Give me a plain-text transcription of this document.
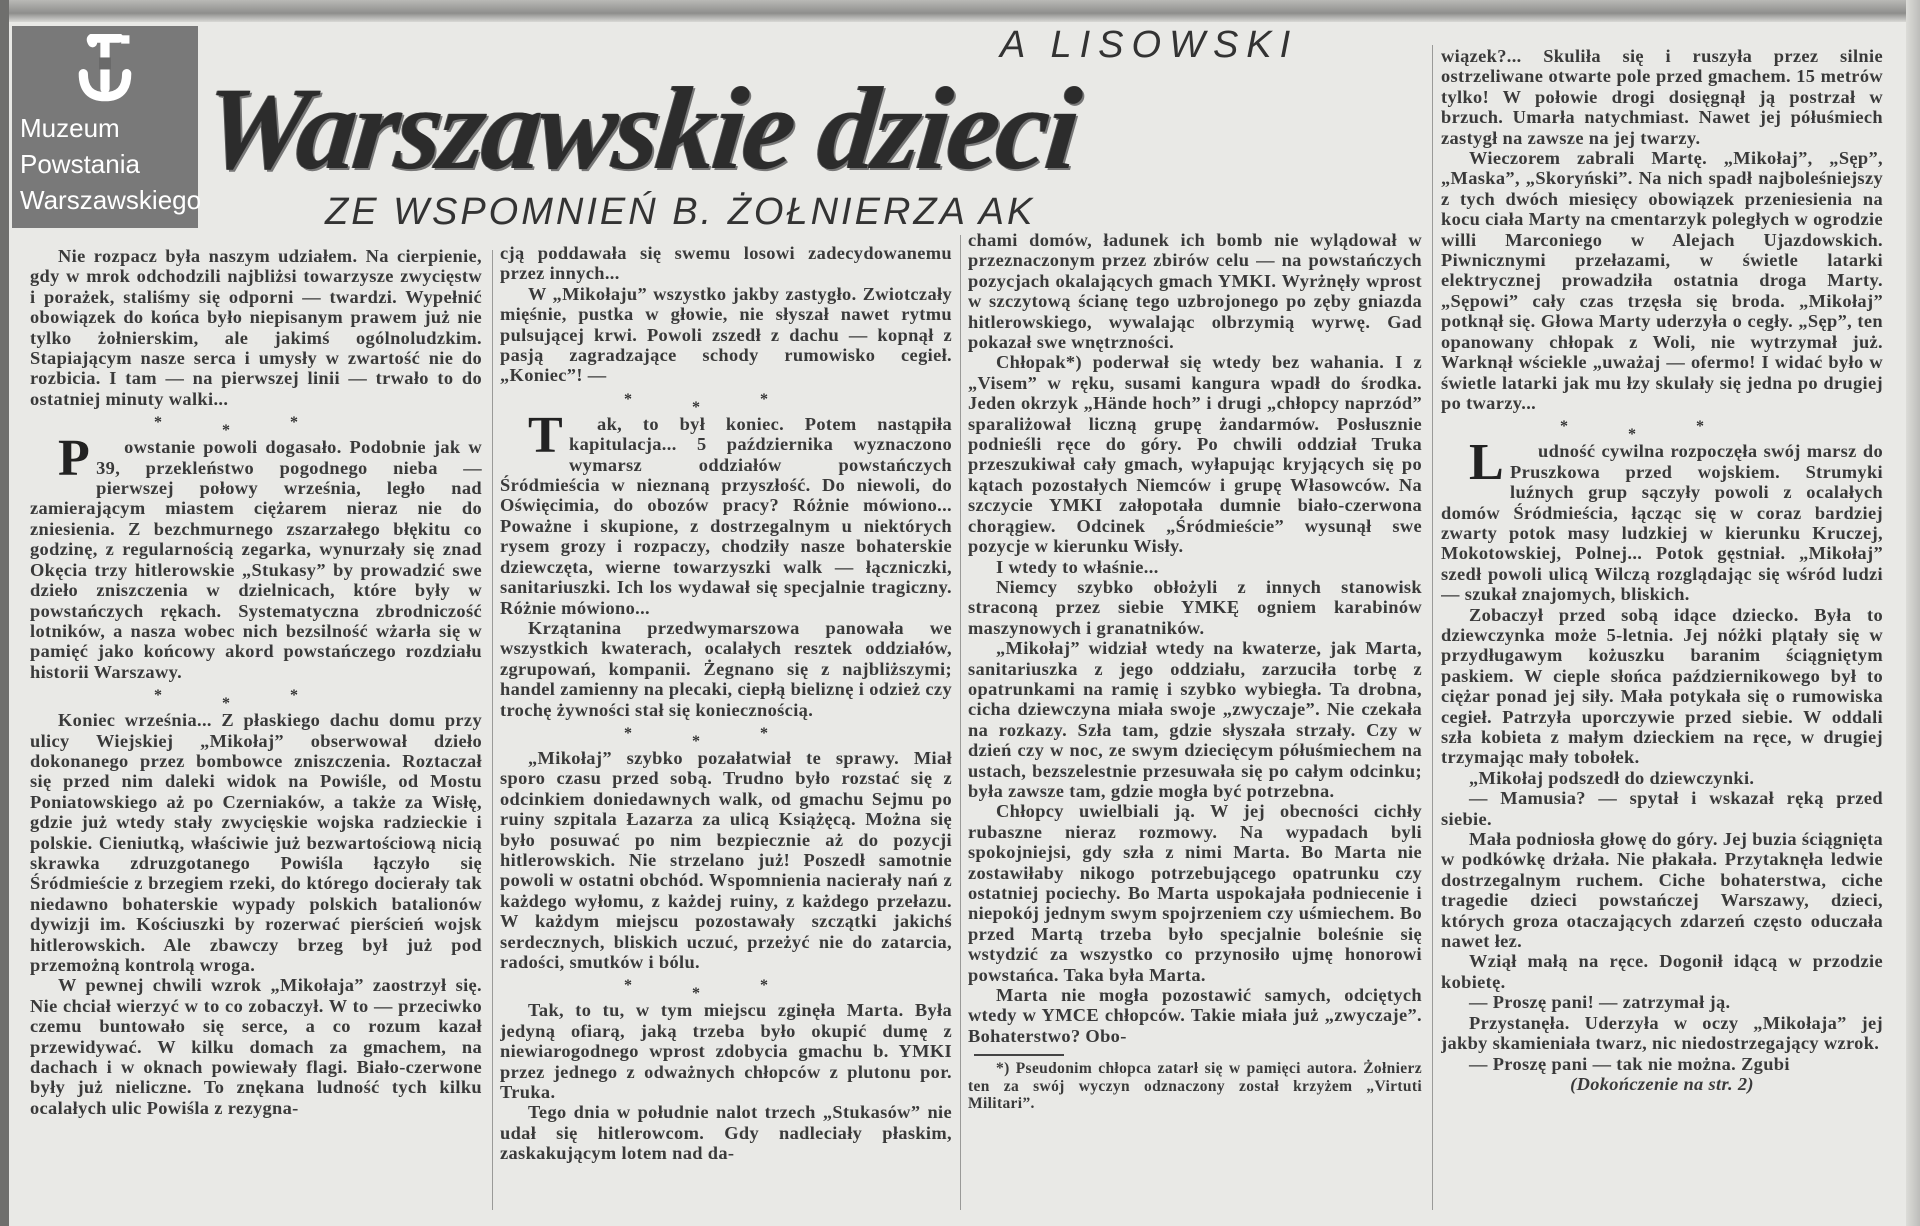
A LISOWSKI
Warszawskie dzieci
ZE WSPOMNIEŃ B. ŻOŁNIERZA AK

Nie rozpacz była naszym udziałem. Na cierpienie, gdy w mrok odchodzili najbliżsi towarzysze zwycięstw i porażek, staliśmy się odporni — twardzi. Wypełnić obowiązek do końca było niepisanym prawem już nie tylko żołnierskim, ale jakimś ogólnoludzkim. Stapiającym nasze serca i umysły w zwartość nie do rozbicia. I tam — na pierwszej linii — trwało to do ostatniej minuty walki...

***

Powstanie powoli dogasało. Podobnie jak w 39, przekleństwo pogodnego nieba — pierwszej połowy września, legło nad zamierającym miastem ciężarem nieraz nie do zniesienia. Z bezchmurnego zszarzałego błękitu co godzinę, z regularnością zegarka, wynurzały się znad Okęcia trzy hitlerowskie „Stukasy” by prowadzić swe dzieło zniszczenia w dzielnicach, które były w powstańczych rękach. Systematyczna zbrodniczość lotników, a nasza wobec nich bezsilność wżarła się w pamięć jako końcowy akord powstańczego rozdziału historii Warszawy.

***

Koniec września... Z płaskiego dachu domu przy ulicy Wiejskiej „Mikołaj” obserwował dzieło dokonanego przez bombowce zniszczenia. Roztaczał się przed nim daleki widok na Powiśle, od Mostu Poniatowskiego aż po Czerniaków, a także za Wisłę, gdzie już wtedy stały zwycięskie wojska radzieckie i polskie. Cieniutką, właściwie już bezwartościową nicią skrawka zdruzgotanego Powiśla łączyło się Śródmieście z brzegiem rzeki, do którego docierały tak niedawno bohaterskie wypady polskich batalionów dywizji im. Kościuszki by rozerwać pierścień wojsk hitlerowskich. Ale zbawczy brzeg był już pod przemożną kontrolą wroga.

W pewnej chwili wzrok „Mikołaja” zaostrzył się. Nie chciał wierzyć w to co zobaczył. W to — przeciwko czemu buntowało się serce, a co rozum kazał przewidywać. W kilku domach za gmachem, na dachach i w oknach powiewały flagi. Biało-czerwone były już nieliczne. To znękana ludność tych kilku ocalałych ulic Powiśla z rezygna-

cją poddawała się swemu losowi zadecydowanemu przez innych...

W „Mikołaju” wszystko jakby zastygło. Zwiotczały mięśnie, pustka w głowie, nie słyszał nawet rytmu pulsującej krwi. Powoli zszedł z dachu — kopnął z pasją zagradzające schody rumowisko cegieł. „Koniec”! —

***

Tak, to był koniec. Potem nastąpiła kapitulacja... 5 października wyznaczono wymarsz oddziałów powstańczych Śródmieścia w nieznaną przyszłość. Do niewoli, do Oświęcimia, do obozów pracy? Różnie mówiono... Poważne i skupione, z dostrzegalnym u niektórych rysem grozy i rozpaczy, chodziły nasze bohaterskie dziewczęta, wierne towarzyszki walk — łączniczki, sanitariuszki. Ich los wydawał się specjalnie tragiczny. Różnie mówiono...

Krzątanina przedwymarszowa panowała we wszystkich kwaterach, ocalałych resztek oddziałów, zgrupowań, kompanii. Żegnano się z najbliższymi; handel zamienny na plecaki, ciepłą bieliznę i odzież czy trochę żywności stał się koniecznością.

***

„Mikołaj” szybko pozałatwiał te sprawy. Miał sporo czasu przed sobą. Trudno było rozstać się z odcinkiem doniedawnych walk, od gmachu Sejmu po ruiny szpitala Łazarza za ulicą Książęcą. Można się było posuwać po nim bezpiecznie aż do pozycji hitlerowskich. Nie strzelano już! Poszedł samotnie powoli w ostatni obchód. Wspomnienia nacierały nań z każdego wyłomu, z każdej ruiny, z każdego przełazu. W każdym miejscu pozostawały szczątki jakichś serdecznych, bliskich uczuć, przeżyć nie do zatarcia, radości, smutków i bólu.

***

Tak, to tu, w tym miejscu zginęła Marta. Była jedyną ofiarą, jaką trzeba było okupić dumę z niewiarogodnego wprost zdobycia gmachu b. YMKI przez jednego z odważnych chłopców z plutonu por. Truka.

Tego dnia w południe nalot trzech „Stukasów” nie udał się hitlerowcom. Gdy nadleciały płaskim, zaskakującym lotem nad da-

chami domów, ładunek ich bomb nie wylądował w przeznaczonym przez zbirów celu — na powstańczych pozycjach okalających gmach YMKI. Wyrżnęły wprost w szczytową ścianę tego uzbrojonego po zęby gniazda hitlerowskiego, wywalając olbrzymią wyrwę. Gad pokazał swe wnętrzności.

Chłopak*) poderwał się wtedy bez wahania. I z „Visem” w ręku, susami kangura wpadł do środka. Jeden okrzyk „Hände hoch” i drugi „chłopcy naprzód” sparaliżował liczną grupę żandarmów. Posłusznie podnieśli ręce do góry. Po chwili oddział Truka przeszukiwał cały gmach, wyłapując kryjących się po kątach pozostałych Niemców i grupę Własowców. Na szczycie YMKI załopotała dumnie biało-czerwona chorągiew. Odcinek „Śródmieście” wysunął swe pozycje w kierunku Wisły.

I wtedy to właśnie...

Niemcy szybko obłożyli z innych stanowisk straconą przez siebie YMKĘ ogniem karabinów maszynowych i granatników.

„Mikołaj” widział wtedy na kwaterze, jak Marta, sanitariuszka z jego oddziału, zarzuciła torbę z opatrunkami na ramię i szybko wybiegła. Ta drobna, cicha dziewczyna miała swoje „zwyczaje”. Nie czekała na rozkazy. Szła tam, gdzie słyszała strzały. Czy w dzień czy w noc, ze swym dziecięcym półuśmiechem na ustach, bezszelestnie przesuwała się po całym odcinku; była zawsze tam, gdzie mogła być potrzebna.

Chłopcy uwielbiali ją. W jej obecności cichły rubaszne nieraz rozmowy. Na wypadach byli spokojniejsi, gdy szła z nimi Marta. Bo Marta nie zostawiłaby nikogo potrzebującego opatrunku czy ostatniej pociechy. Bo Marta uspokajała podniecenie i niepokój jednym swym spojrzeniem czy uśmiechem. Bo przed Martą trzeba było specjalnie boleśnie się wstydzić za wszystko co przynosiło ujmę honorowi powstańca. Taka była Marta.

Marta nie mogła pozostawić samych, odciętych wtedy w YMCE chłopców. Takie miała już „zwyczaje”. Bohaterstwo? Obo-

*) Pseudonim chłopca zatarł się w pamięci autora. Żołnierz ten za swój wyczyn odznaczony został krzyżem „Virtuti Militari”.

wiązek?... Skuliła się i ruszyła przez silnie ostrzeliwane otwarte pole przed gmachem. 15 metrów tylko! W połowie drogi dosięgnął ją postrzał w brzuch. Umarła natychmiast. Nawet jej półuśmiech zastygł na zawsze na jej twarzy.

Wieczorem zabrali Martę. „Mikołaj”, „Sęp”, „Maska”, „Skoryński”. Na nich spadł najboleśniejszy z tych dwóch miesięcy obowiązek przeniesienia na kocu ciała Marty na cmentarzyk poległych w ogrodzie willi Marconiego w Alejach Ujazdowskich. Piwnicznymi przełazami, w świetle latarki elektrycznej prowadziła ostatnia droga Marty. „Sępowi” cały czas trzęsła się broda. „Mikołaj” potknął się. Głowa Marty uderzyła o cegły. „Sęp”, ten opanowany chłopak z Woli, nie wytrzymał już. Warknął wściekle „uważaj — ofermo! I widać było w świetle latarki jak mu łzy skulały się jedna po drugiej po twarzy...

***

Ludność cywilna rozpoczęła swój marsz do Pruszkowa przed wojskiem. Strumyki luźnych grup sączyły powoli z ocalałych domów Śródmieścia, łącząc się w coraz bardziej zwarty potok masy ludzkiej w kierunku Kruczej, Mokotowskiej, Polnej... Potok gęstniał. „Mikołaj” szedł powoli ulicą Wilczą rozglądając się wśród ludzi — szukał znajomych, bliskich.

Zobaczył przed sobą idące dziecko. Była to dziewczynka może 5-letnia. Jej nóżki plątały się w przydługawym kożuszku baranim ściągniętym paskiem. W cieple słońca październikowego był to ciężar ponad jej siły. Mała potykała się o rumowiska cegieł. Patrzyła uporczywie przed siebie. W oddali szła kobieta z małym dzieckiem na ręce, w drugiej trzymając mały tobołek.

„Mikołaj podszedł do dziewczynki.

— Mamusia? — spytał i wskazał ręką przed siebie.

Mała podniosła głowę do góry. Jej buzia ściągnięta w podkówkę drżała. Nie płakała. Przytaknęła ledwie dostrzegalnym ruchem. Ciche bohaterstwa, ciche tragedie dzieci powstańczej Warszawy, dzieci, których groza otaczających zdarzeń często oduczała nawet łez.

Wziął małą na ręce. Dogonił idącą w przodzie kobietę.

— Proszę pani! — zatrzymał ją.

Przystanęła. Uderzyła w oczy „Mikołaja” jej jakby skamieniała twarz, nic niedostrzegający wzrok.

— Proszę pani — tak nie można. Zgubi

(Dokończenie na str. 2)

Muzeum
Powstania
Warszawskiego
